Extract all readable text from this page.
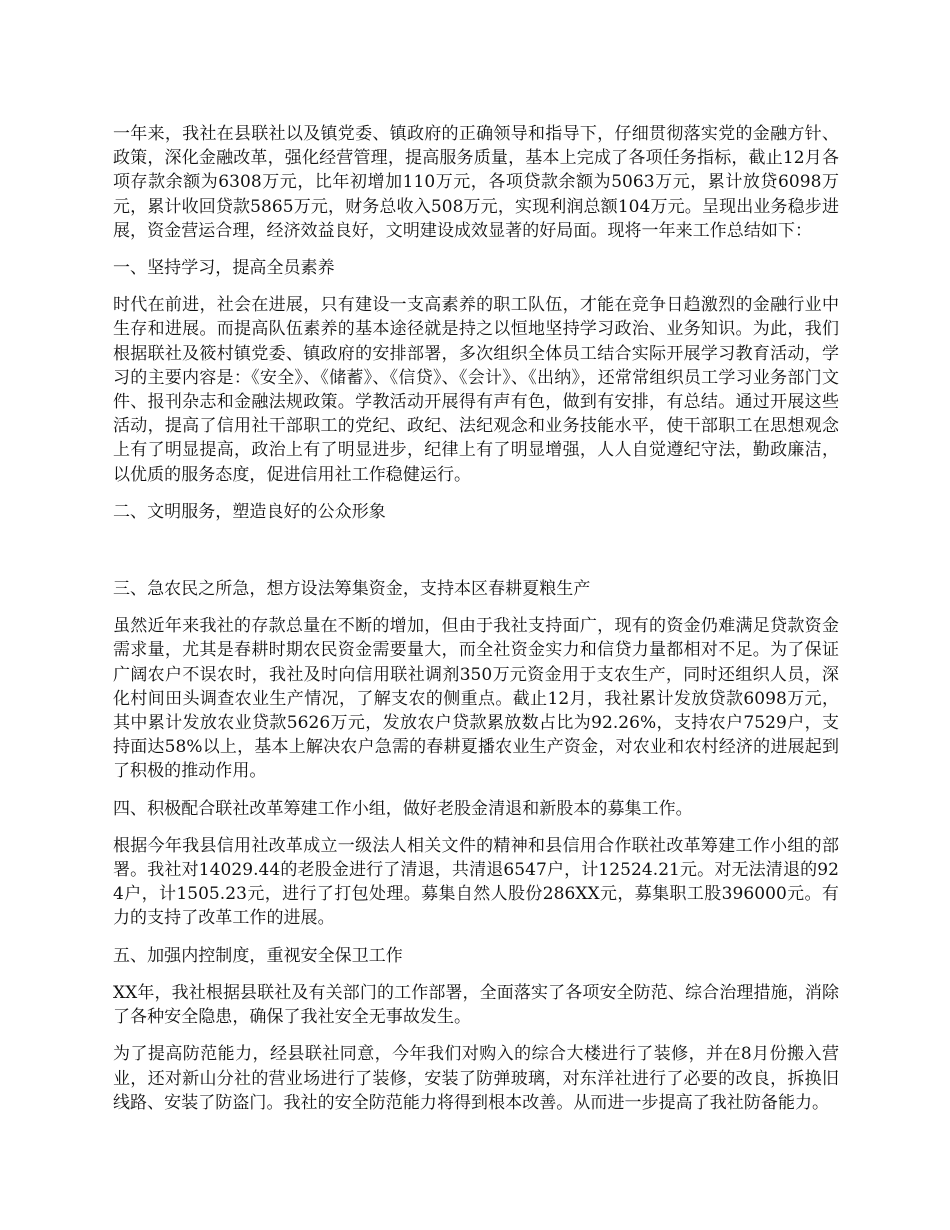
一年来，我社在县联社以及镇党委、镇政府的正确领导和指导下，仔细贯彻落实党的金融方针、政策，深化金融改革，强化经营管理，提高服务质量，基本上完成了各项任务指标，截止12月各项存款余额为6308万元，比年初增加110万元，各项贷款余额为5063万元，累计放贷6098万元，累计收回贷款5865万元，财务总收入508万元，实现利润总额104万元。呈现出业务稳步进展，资金营运合理，经济效益良好，文明建设成效显著的好局面。现将一年来工作总结如下：

一、坚持学习，提高全员素养

时代在前进，社会在进展，只有建设一支高素养的职工队伍，才能在竞争日趋激烈的金融行业中生存和进展。而提高队伍素养的基本途径就是持之以恒地坚持学习政治、业务知识。为此，我们根据联社及筱村镇党委、镇政府的安排部署，多次组织全体员工结合实际开展学习教育活动，学习的主要内容是：《安全》、《储蓄》、《信贷》、《会计》、《出纳》，还常常组织员工学习业务部门文件、报刊杂志和金融法规政策。学教活动开展得有声有色，做到有安排，有总结。通过开展这些活动，提高了信用社干部职工的党纪、政纪、法纪观念和业务技能水平，使干部职工在思想观念上有了明显提高，政治上有了明显进步，纪律上有了明显增强，人人自觉遵纪守法，勤政廉洁，以优质的服务态度，促进信用社工作稳健运行。

二、文明服务，塑造良好的公众形象

三、急农民之所急，想方设法筹集资金，支持本区春耕夏粮生产

虽然近年来我社的存款总量在不断的增加，但由于我社支持面广，现有的资金仍难满足贷款资金需求量，尤其是春耕时期农民资金需要量大，而全社资金实力和信贷力量都相对不足。为了保证广阔农户不误农时，我社及时向信用联社调剂350万元资金用于支农生产，同时还组织人员，深化村间田头调查农业生产情况，了解支农的侧重点。截止12月，我社累计发放贷款6098万元，其中累计发放农业贷款5626万元，发放农户贷款累放数占比为92.26%，支持农户7529户，支持面达58%以上，基本上解决农户急需的春耕夏播农业生产资金，对农业和农村经济的进展起到了积极的推动作用。

四、积极配合联社改革筹建工作小组，做好老股金清退和新股本的募集工作。

根据今年我县信用社改革成立一级法人相关文件的精神和县信用合作联社改革筹建工作小组的部署。我社对14029.44的老股金进行了清退，共清退6547户，计12524.21元。对无法清退的924户，计1505.23元，进行了打包处理。募集自然人股份286XX元，募集职工股396000元。有力的支持了改革工作的进展。

五、加强内控制度，重视安全保卫工作

XX年，我社根据县联社及有关部门的工作部署，全面落实了各项安全防范、综合治理措施，消除了各种安全隐患，确保了我社安全无事故发生。

为了提高防范能力，经县联社同意，今年我们对购入的综合大楼进行了装修，并在8月份搬入营业，还对新山分社的营业场进行了装修，安装了防弹玻璃，对东洋社进行了必要的改良，拆换旧线路、安装了防盗门。我社的安全防范能力将得到根本改善。从而进一步提高了我社防备能力。
